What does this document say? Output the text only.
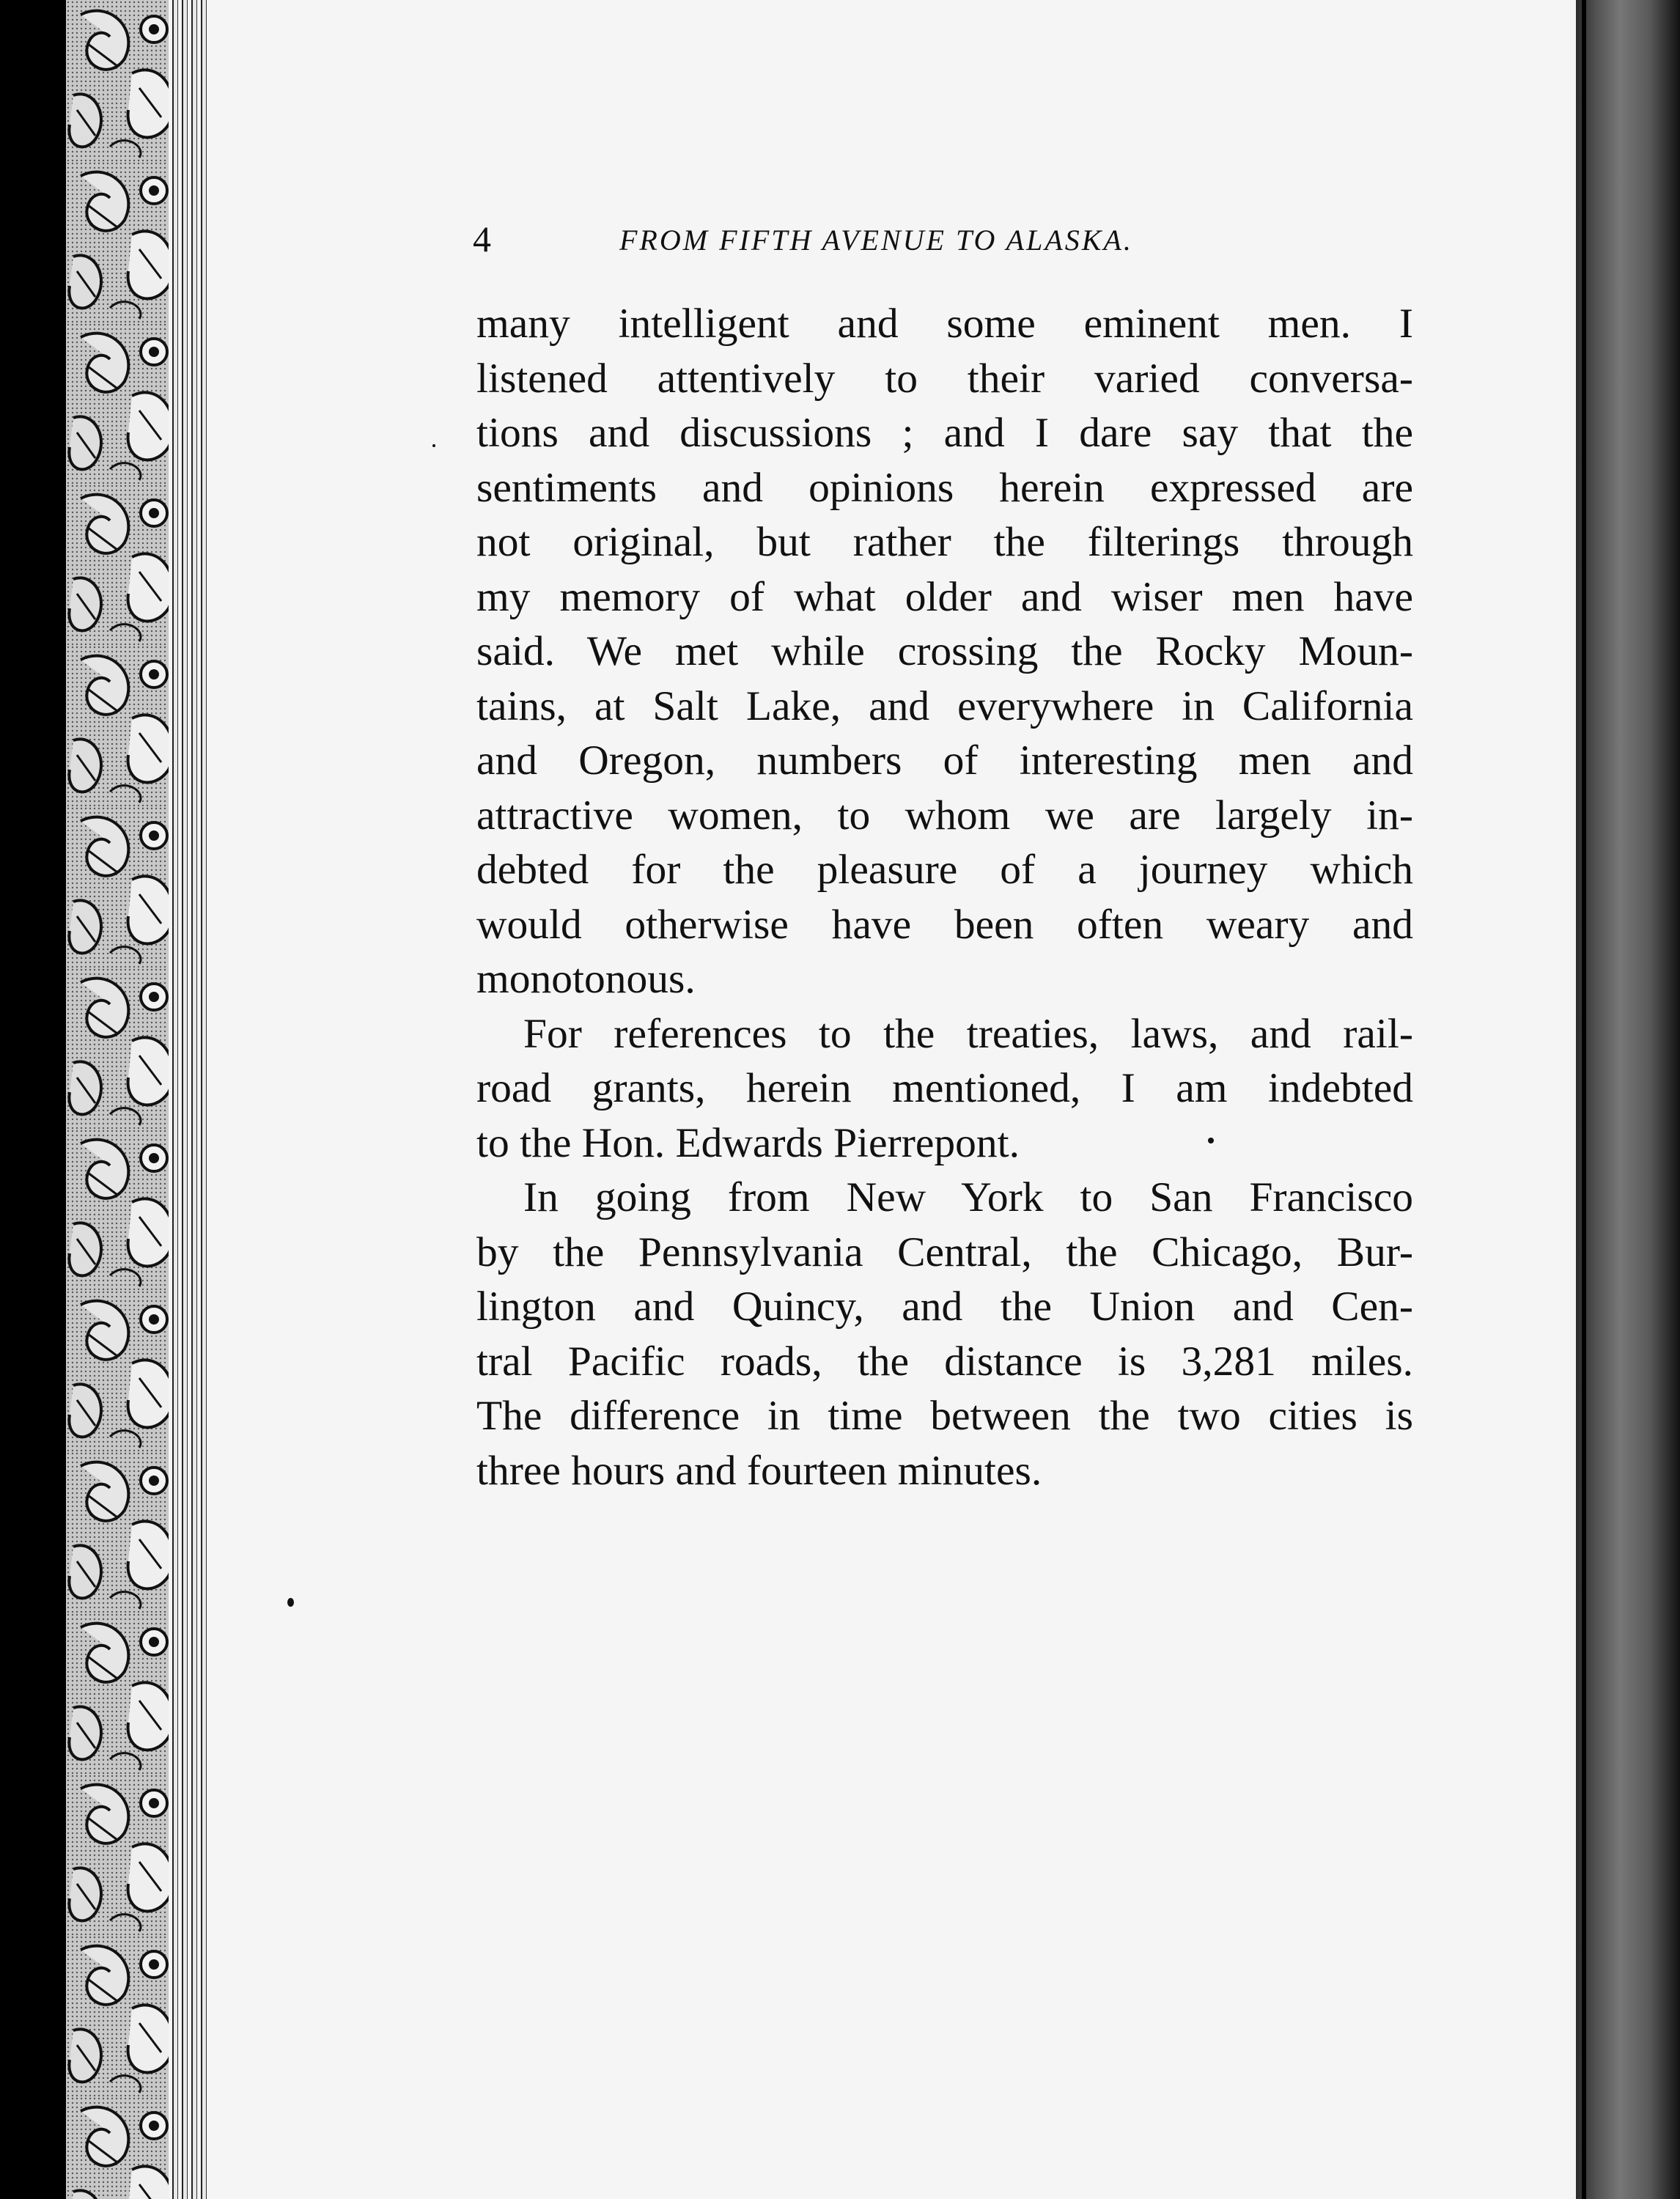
4	FROM FIFTH AVENUE TO ALASKA.
many intelligent and some eminent men. I
listened attentively to their varied conversa-
tions and discussions ; and I dare say that the
sentiments and opinions herein expressed are
not original, but rather the filterings through
my memory of what older and wiser men have
said. We met while crossing the Rocky Moun-
tains, at Salt Lake, and everywhere in California
and Oregon, numbers of interesting men and
attractive women, to whom we are largely in-
debted for the pleasure of a journey which
would otherwise have been often weary and
monotonous.
For references to the treaties, laws, and rail-
road grants, herein mentioned, I am indebted
to the Hon. Edwards Pierrepont.
In going from New York to San Francisco
by the Pennsylvania Central, the Chicago, Bur-
lington and Quincy, and the Union and Cen-
tral Pacific roads, the distance is 3,281 miles.
The difference in time between the two cities is
three hours and fourteen minutes.
